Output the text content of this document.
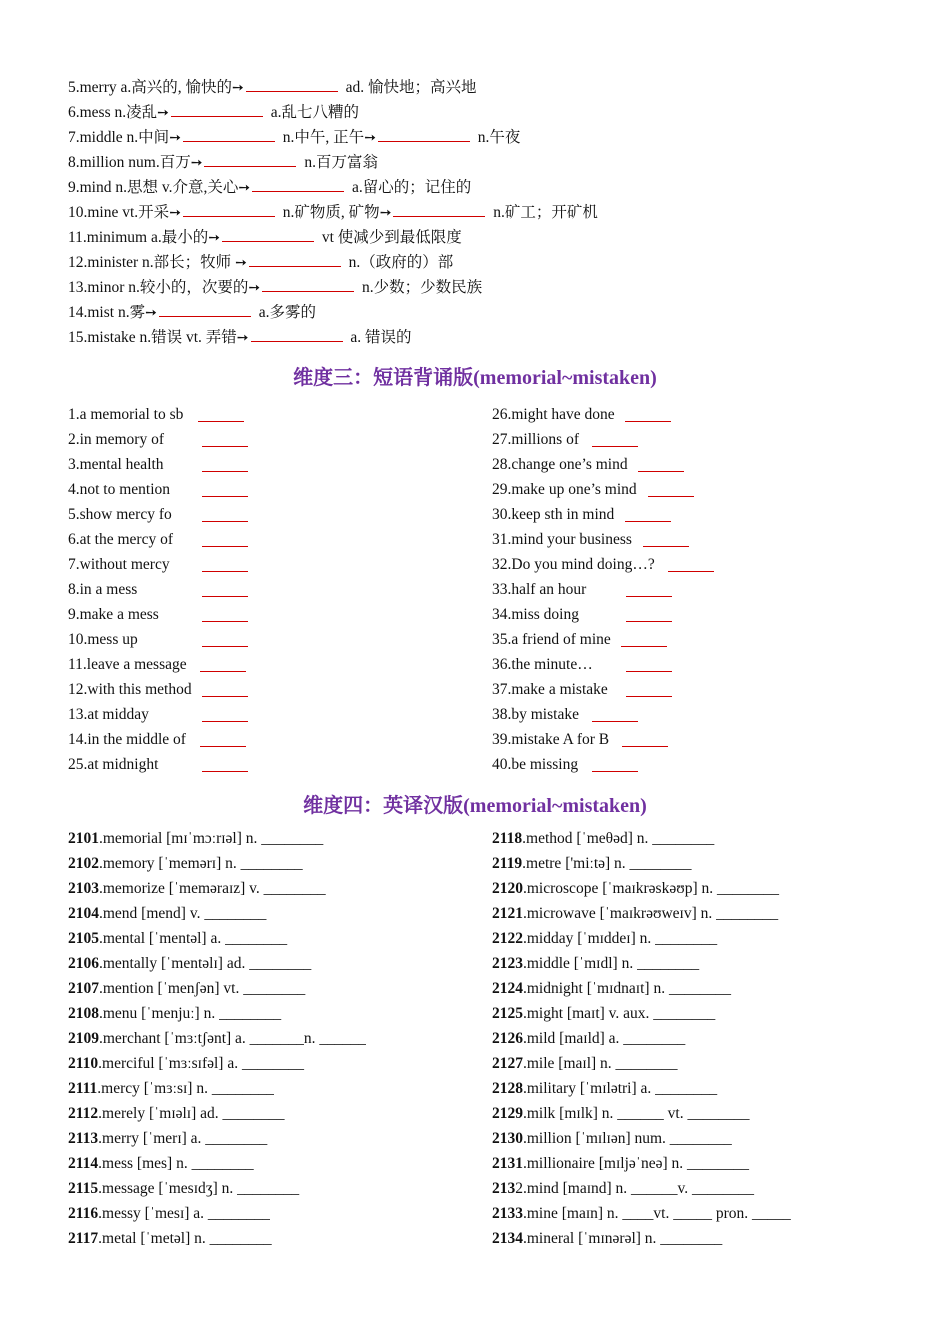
5.merry a.高兴的, 愉快的➙	ad. 愉快地；高兴地
6.mess n.凌乱➙	a.乱七八糟的
7.middle n.中间➙	n.中午, 正午➙	n.午夜
8.million num.百万➙	n.百万富翁
9.mind n.思想 v.介意,关心➙	a.留心的；记住的
10.mine vt.开采➙	n.矿物质, 矿物➙	n.矿工；开矿机
11.minimum a.最小的➙	vt 使减少到最低限度
12.minister n.部长；牧师 ➙	n.（政府的）部
13.minor n.较小的，次要的➙	n.少数；少数民族
14.mist n.雾➙	a.多雾的
15.mistake n.错误 vt. 弄错➙	a. 错误的
维度三：短语背诵版(memorial~mistaken)
1.a memorial to sb
2.in memory of
3.mental health
4.not to mention
5.show mercy fo
6.at the mercy of
7.without mercy
8.in a mess
9.make a mess
10.mess up
11.leave a message
12.with this method
13.at midday
14.in the middle of
25.at midnight
26.might have done
27.millions of
28.change one’s mind
29.make up one’s mind
30.keep sth in mind
31.mind your business
32.Do you mind doing…?
33.half an hour
34.miss doing
35.a friend of mine
36.the minute…
37.make a mistake
38.by mistake
39.mistake A for B
40.be missing
维度四：英译汉版(memorial~mistaken)
2101.memorial [mɪˈmɔːrɪəl] n. ________
2102.memory [ˈmemərɪ] n. ________
2103.memorize [ˈmeməraɪz] v. ________
2104.mend [mend] v. ________
2105.mental [ˈmentəl] a. ________
2106.mentally [ˈmentəlɪ] ad. ________
2107.mention [ˈmenʃən] vt. ________
2108.menu [ˈmenjuː] n. ________
2109.merchant [ˈmɜːtʃənt] a. _______n. ______
2110.merciful [ˈmɜːsɪfəl] a. ________
2111.mercy [ˈmɜːsɪ] n. ________
2112.merely [ˈmɪəlɪ] ad. ________
2113.merry [ˈmerɪ] a. ________
2114.mess [mes] n. ________
2115.message [ˈmesɪdʒ] n. ________
2116.messy [ˈmesɪ] a. ________
2117.metal [ˈmetəl] n. ________
2118.method [ˈmeθəd] n. ________
2119.metre ['miːtə] n. ________
2120.microscope [ˈmaɪkrəskəʊp] n. ________
2121.microwave [ˈmaɪkrəʊweɪv] n. ________
2122.midday [ˈmɪddeɪ] n. ________
2123.middle [ˈmɪdl] n. ________
2124.midnight [ˈmɪdnaɪt] n. ________
2125.might [maɪt] v. aux. ________
2126.mild [maɪld] a. ________
2127.mile [maɪl] n. ________
2128.military [ˈmɪlətri] a. ________
2129.milk [mɪlk] n. ______ vt. ________
2130.million [ˈmɪlɪən] num. ________
2131.millionaire [mɪljəˈneə] n. ________
2132.mind [maɪnd] n. ______v. ________
2133.mine [maɪn] n. ____vt. _____ pron. _____
2134.mineral [ˈmɪnərəl] n. ________
